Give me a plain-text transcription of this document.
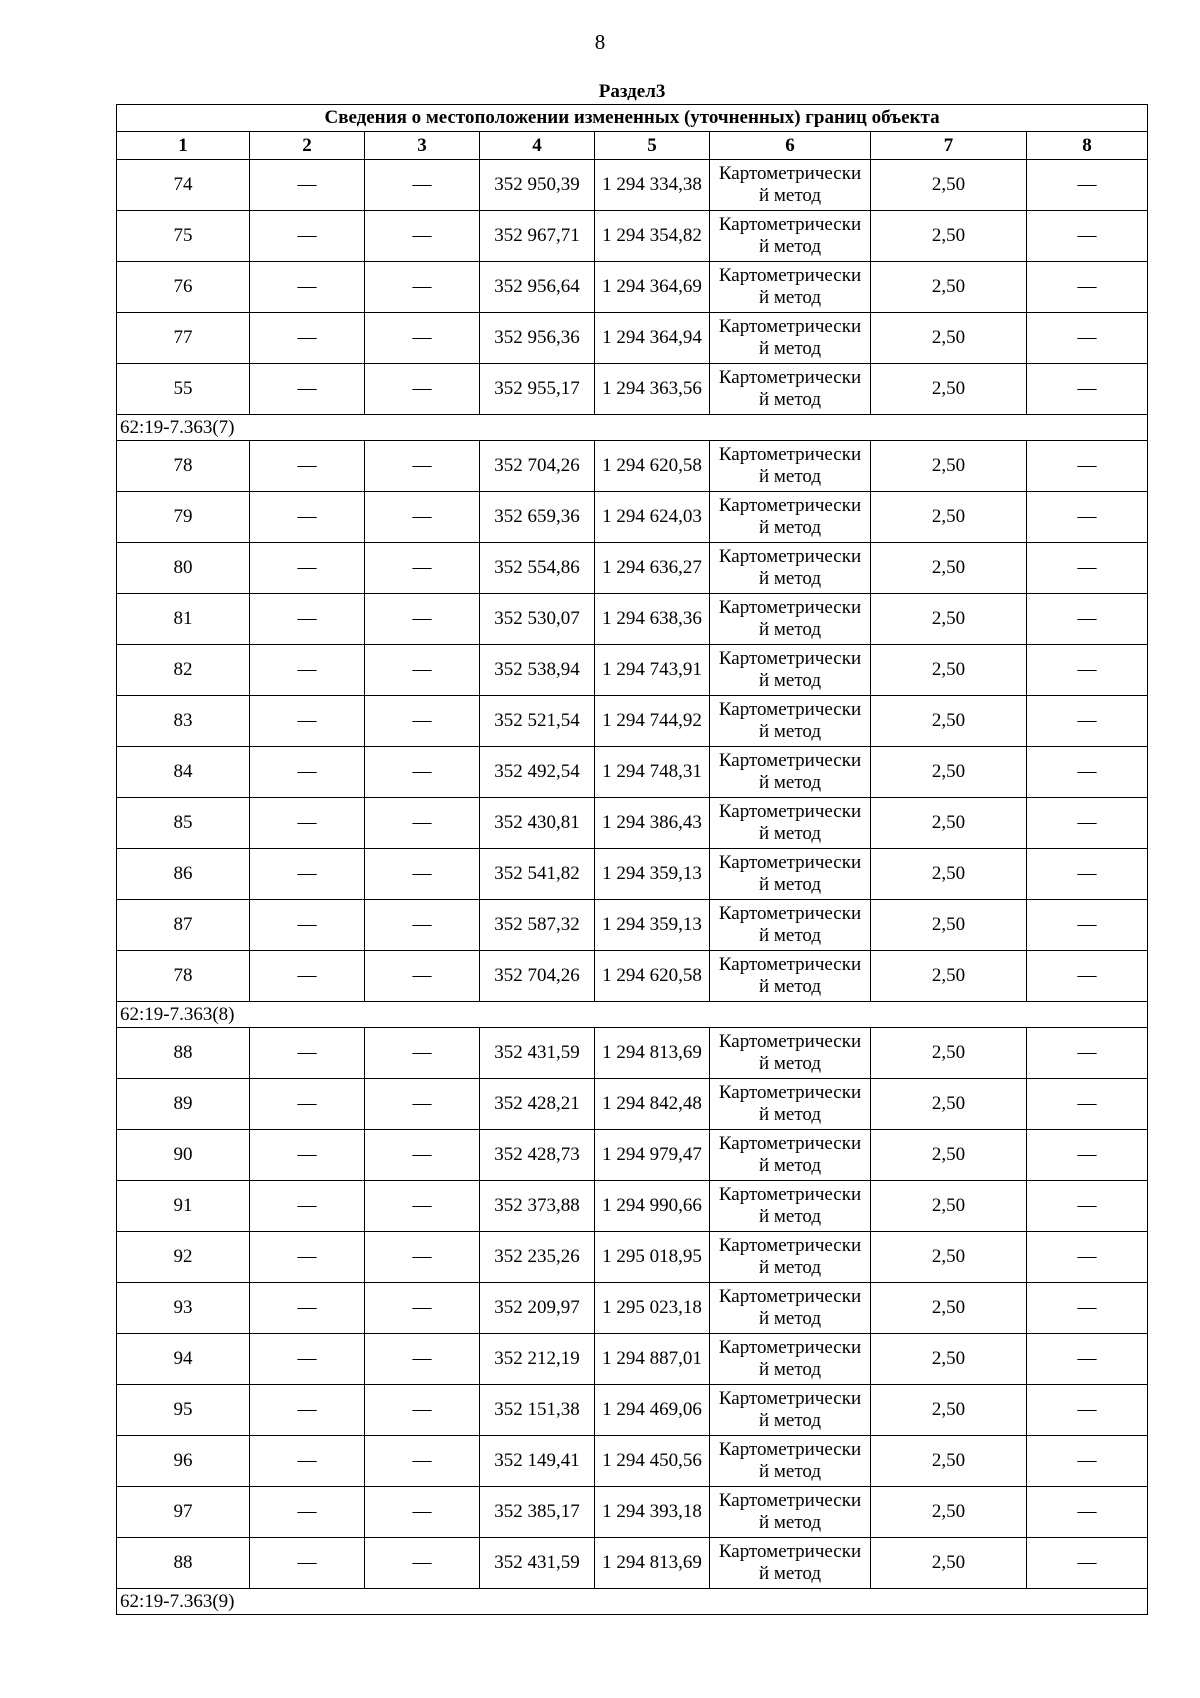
8
Раздел3							
Сведения о местоположении измененных (уточненных) границ объекта							
1	2	3	4	5	6	7	8
74	—	—	352 950,39	1 294 334,38	Картометрический метод	2,50	—
75	—	—	352 967,71	1 294 354,82	Картометрический метод	2,50	—
76	—	—	352 956,64	1 294 364,69	Картометрический метод	2,50	—
77	—	—	352 956,36	1 294 364,94	Картометрический метод	2,50	—
55	—	—	352 955,17	1 294 363,56	Картометрический метод	2,50	—
62:19-7.363(7)							
78	—	—	352 704,26	1 294 620,58	Картометрический метод	2,50	—
79	—	—	352 659,36	1 294 624,03	Картометрический метод	2,50	—
80	—	—	352 554,86	1 294 636,27	Картометрический метод	2,50	—
81	—	—	352 530,07	1 294 638,36	Картометрический метод	2,50	—
82	—	—	352 538,94	1 294 743,91	Картометрический метод	2,50	—
83	—	—	352 521,54	1 294 744,92	Картометрический метод	2,50	—
84	—	—	352 492,54	1 294 748,31	Картометрический метод	2,50	—
85	—	—	352 430,81	1 294 386,43	Картометрический метод	2,50	—
86	—	—	352 541,82	1 294 359,13	Картометрический метод	2,50	—
87	—	—	352 587,32	1 294 359,13	Картометрический метод	2,50	—
78	—	—	352 704,26	1 294 620,58	Картометрический метод	2,50	—
62:19-7.363(8)							
88	—	—	352 431,59	1 294 813,69	Картометрический метод	2,50	—
89	—	—	352 428,21	1 294 842,48	Картометрический метод	2,50	—
90	—	—	352 428,73	1 294 979,47	Картометрический метод	2,50	—
91	—	—	352 373,88	1 294 990,66	Картометрический метод	2,50	—
92	—	—	352 235,26	1 295 018,95	Картометрический метод	2,50	—
93	—	—	352 209,97	1 295 023,18	Картометрический метод	2,50	—
94	—	—	352 212,19	1 294 887,01	Картометрический метод	2,50	—
95	—	—	352 151,38	1 294 469,06	Картометрический метод	2,50	—
96	—	—	352 149,41	1 294 450,56	Картометрический метод	2,50	—
97	—	—	352 385,17	1 294 393,18	Картометрический метод	2,50	—
88	—	—	352 431,59	1 294 813,69	Картометрический метод	2,50	—
62:19-7.363(9)							
